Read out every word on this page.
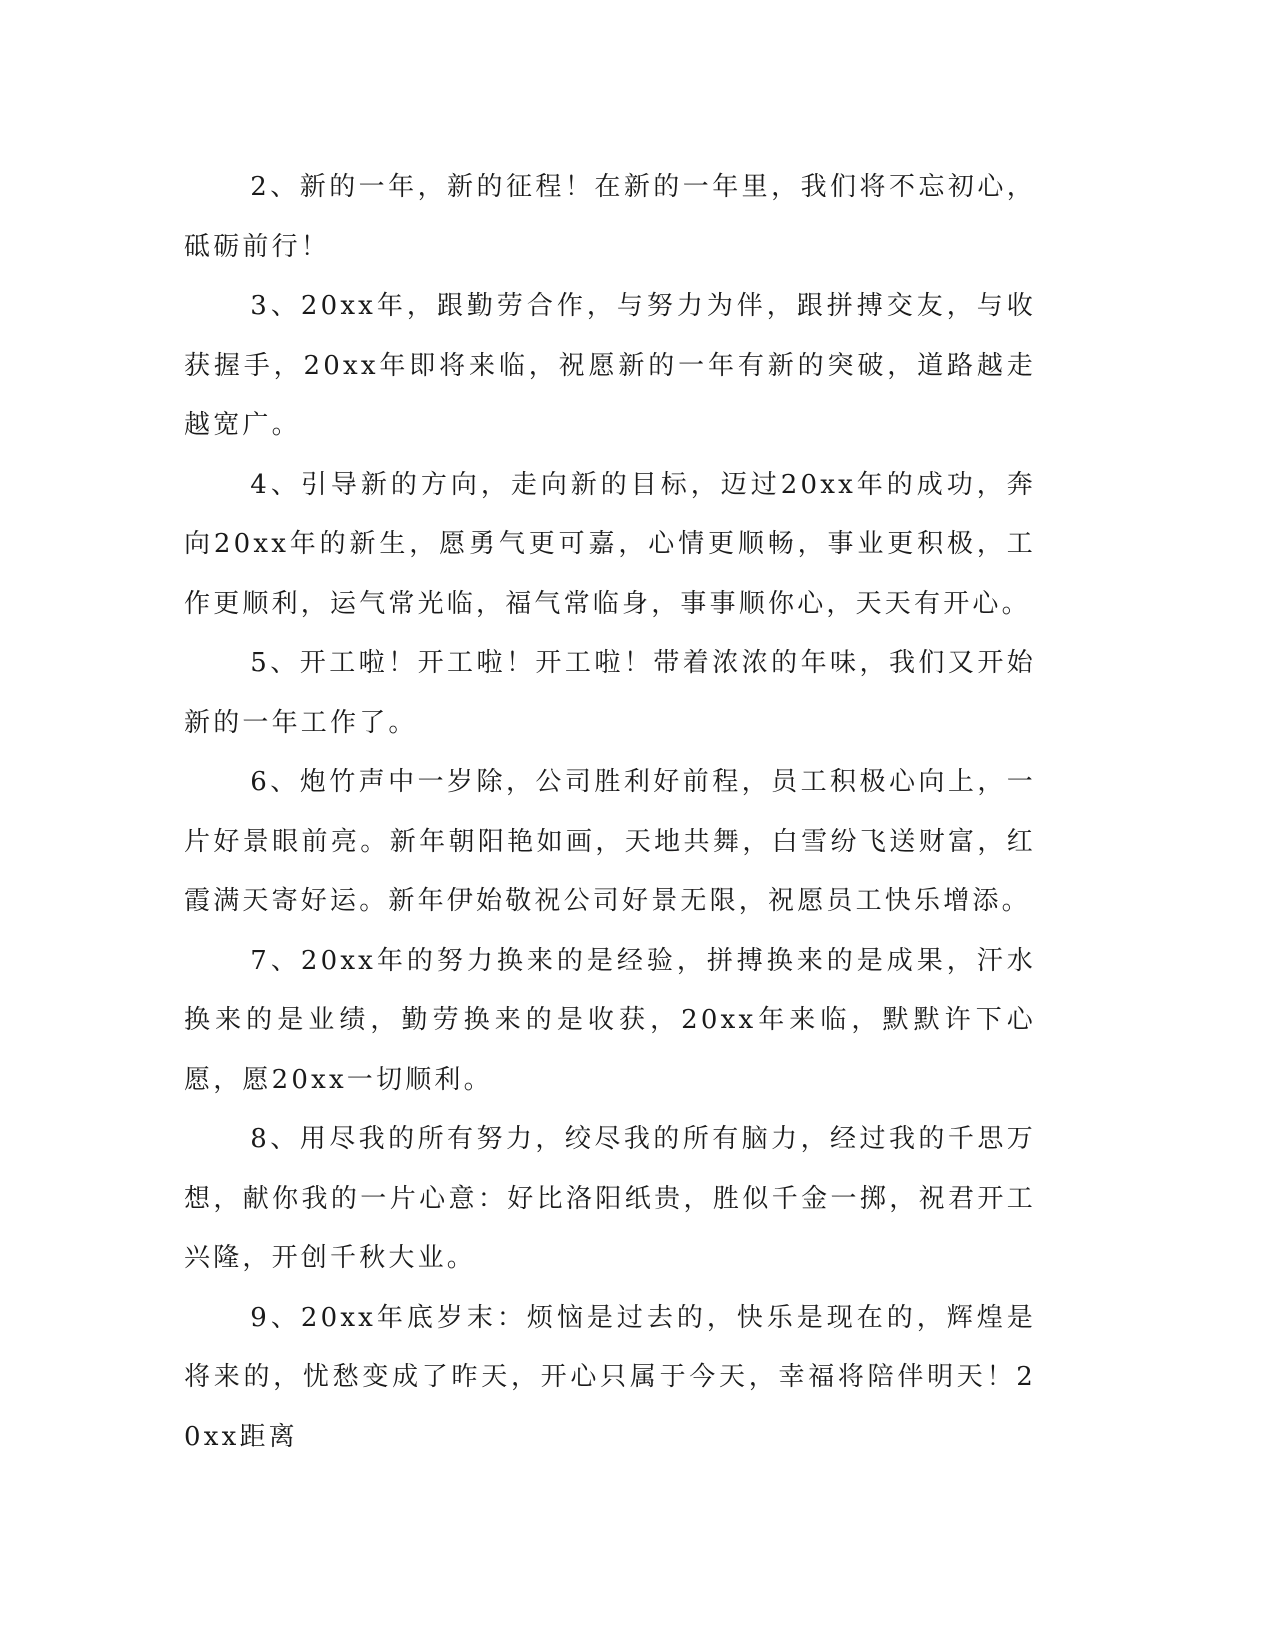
2、新的一年，新的征程！在新的一年里，我们将不忘初心，砥砺前行！

3、20xx年，跟勤劳合作，与努力为伴，跟拼搏交友，与收获握手，20xx年即将来临，祝愿新的一年有新的突破，道路越走越宽广。

4、引导新的方向，走向新的目标，迈过20xx年的成功，奔向20xx年的新生，愿勇气更可嘉，心情更顺畅，事业更积极，工作更顺利，运气常光临，福气常临身，事事顺你心，天天有开心。

5、开工啦！开工啦！开工啦！带着浓浓的年味，我们又开始新的一年工作了。

6、炮竹声中一岁除，公司胜利好前程，员工积极心向上，一片好景眼前亮。新年朝阳艳如画，天地共舞，白雪纷飞送财富，红霞满天寄好运。新年伊始敬祝公司好景无限，祝愿员工快乐增添。

7、20xx年的努力换来的是经验，拼搏换来的是成果，汗水换来的是业绩，勤劳换来的是收获，20xx年来临，默默许下心愿，愿20xx一切顺利。

8、用尽我的所有努力，绞尽我的所有脑力，经过我的千思万想，献你我的一片心意：好比洛阳纸贵，胜似千金一掷，祝君开工兴隆，开创千秋大业。

9、20xx年底岁末：烦恼是过去的，快乐是现在的，辉煌是将来的，忧愁变成了昨天，开心只属于今天，幸福将陪伴明天！20xx距离
